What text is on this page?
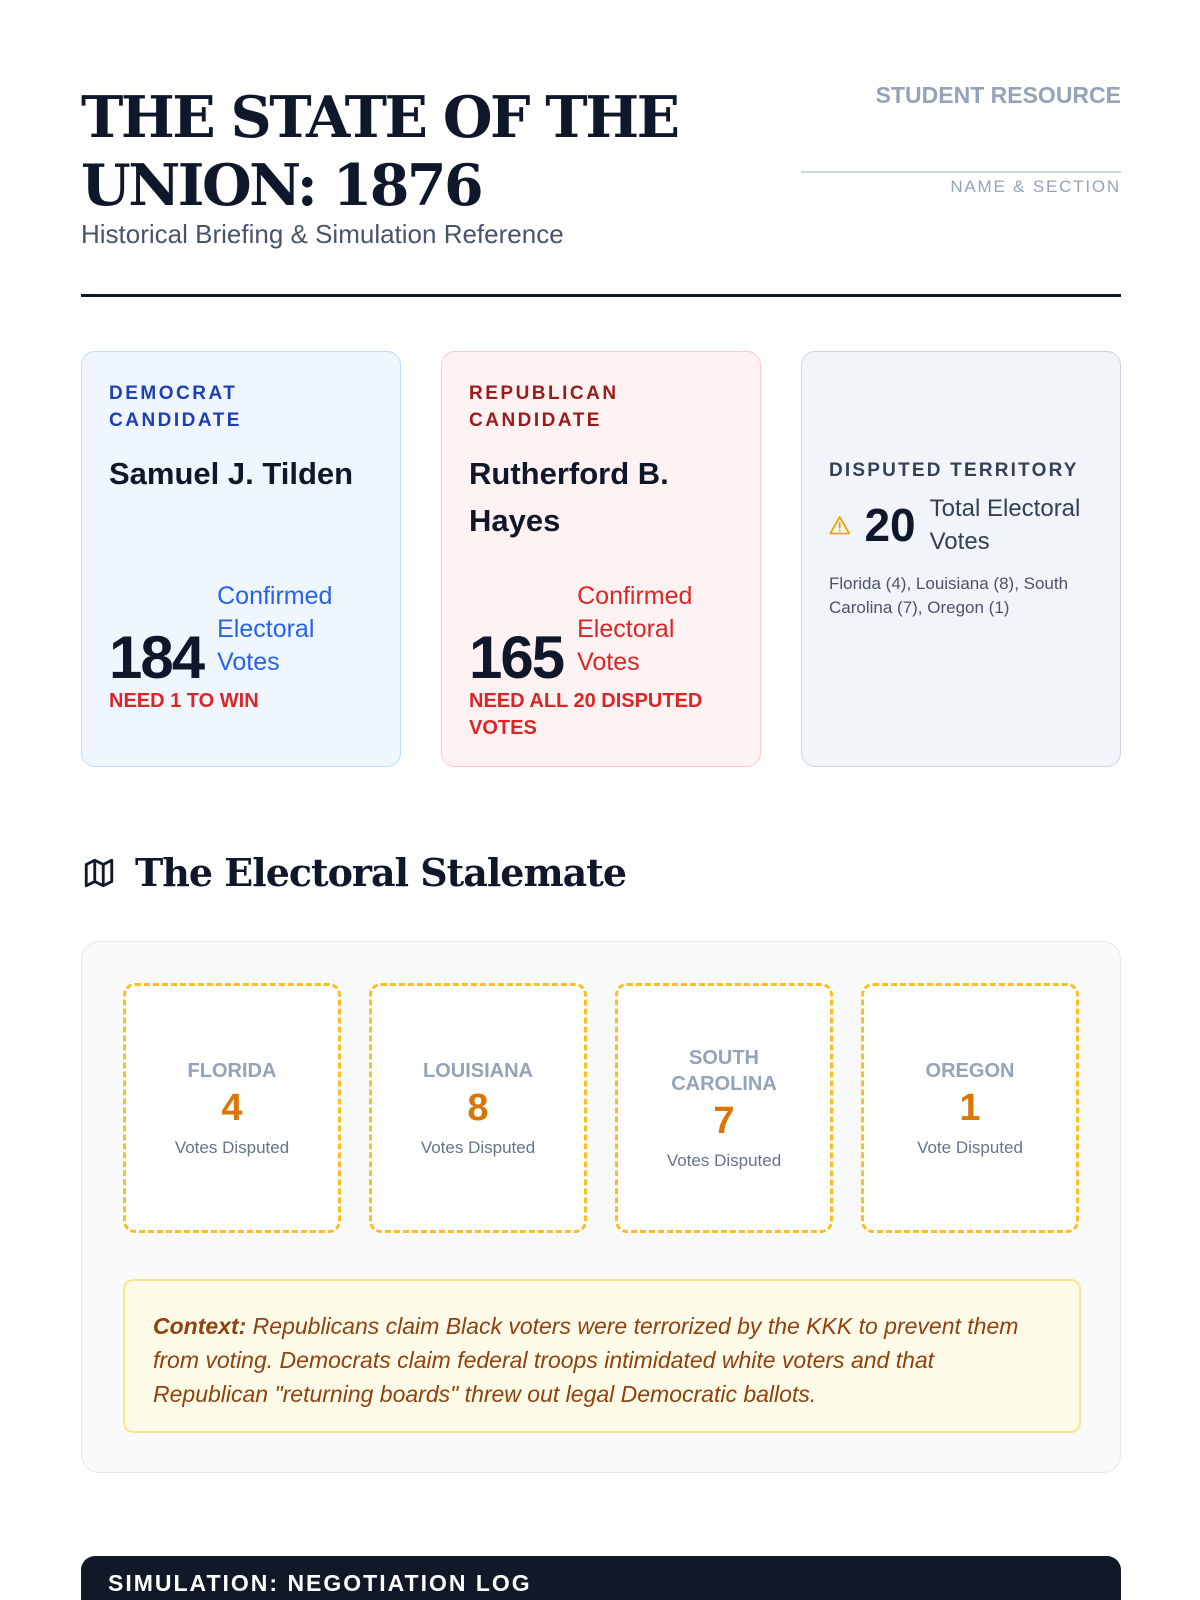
THE STATE OF THE UNION: 1876
Historical Briefing & Simulation Reference
STUDENT RESOURCE
NAME & SECTION
DEMOCRAT CANDIDATE
Samuel J. Tilden
184
Confirmed Electoral Votes
NEED 1 TO WIN
REPUBLICAN CANDIDATE
Rutherford B. Hayes
165
Confirmed Electoral Votes
NEED ALL 20 DISPUTED VOTES
DISPUTED TERRITORY
20 Total Electoral Votes
Florida (4), Louisiana (8), South Carolina (7), Oregon (1)
The Electoral Stalemate
FLORIDA
4
Votes Disputed
LOUISIANA
8
Votes Disputed
SOUTH CAROLINA
7
Votes Disputed
OREGON
1
Vote Disputed
Context: Republicans claim Black voters were terrorized by the KKK to prevent them from voting. Democrats claim federal troops intimidated white voters and that Republican "returning boards" threw out legal Democratic ballots.
SIMULATION: NEGOTIATION LOG
